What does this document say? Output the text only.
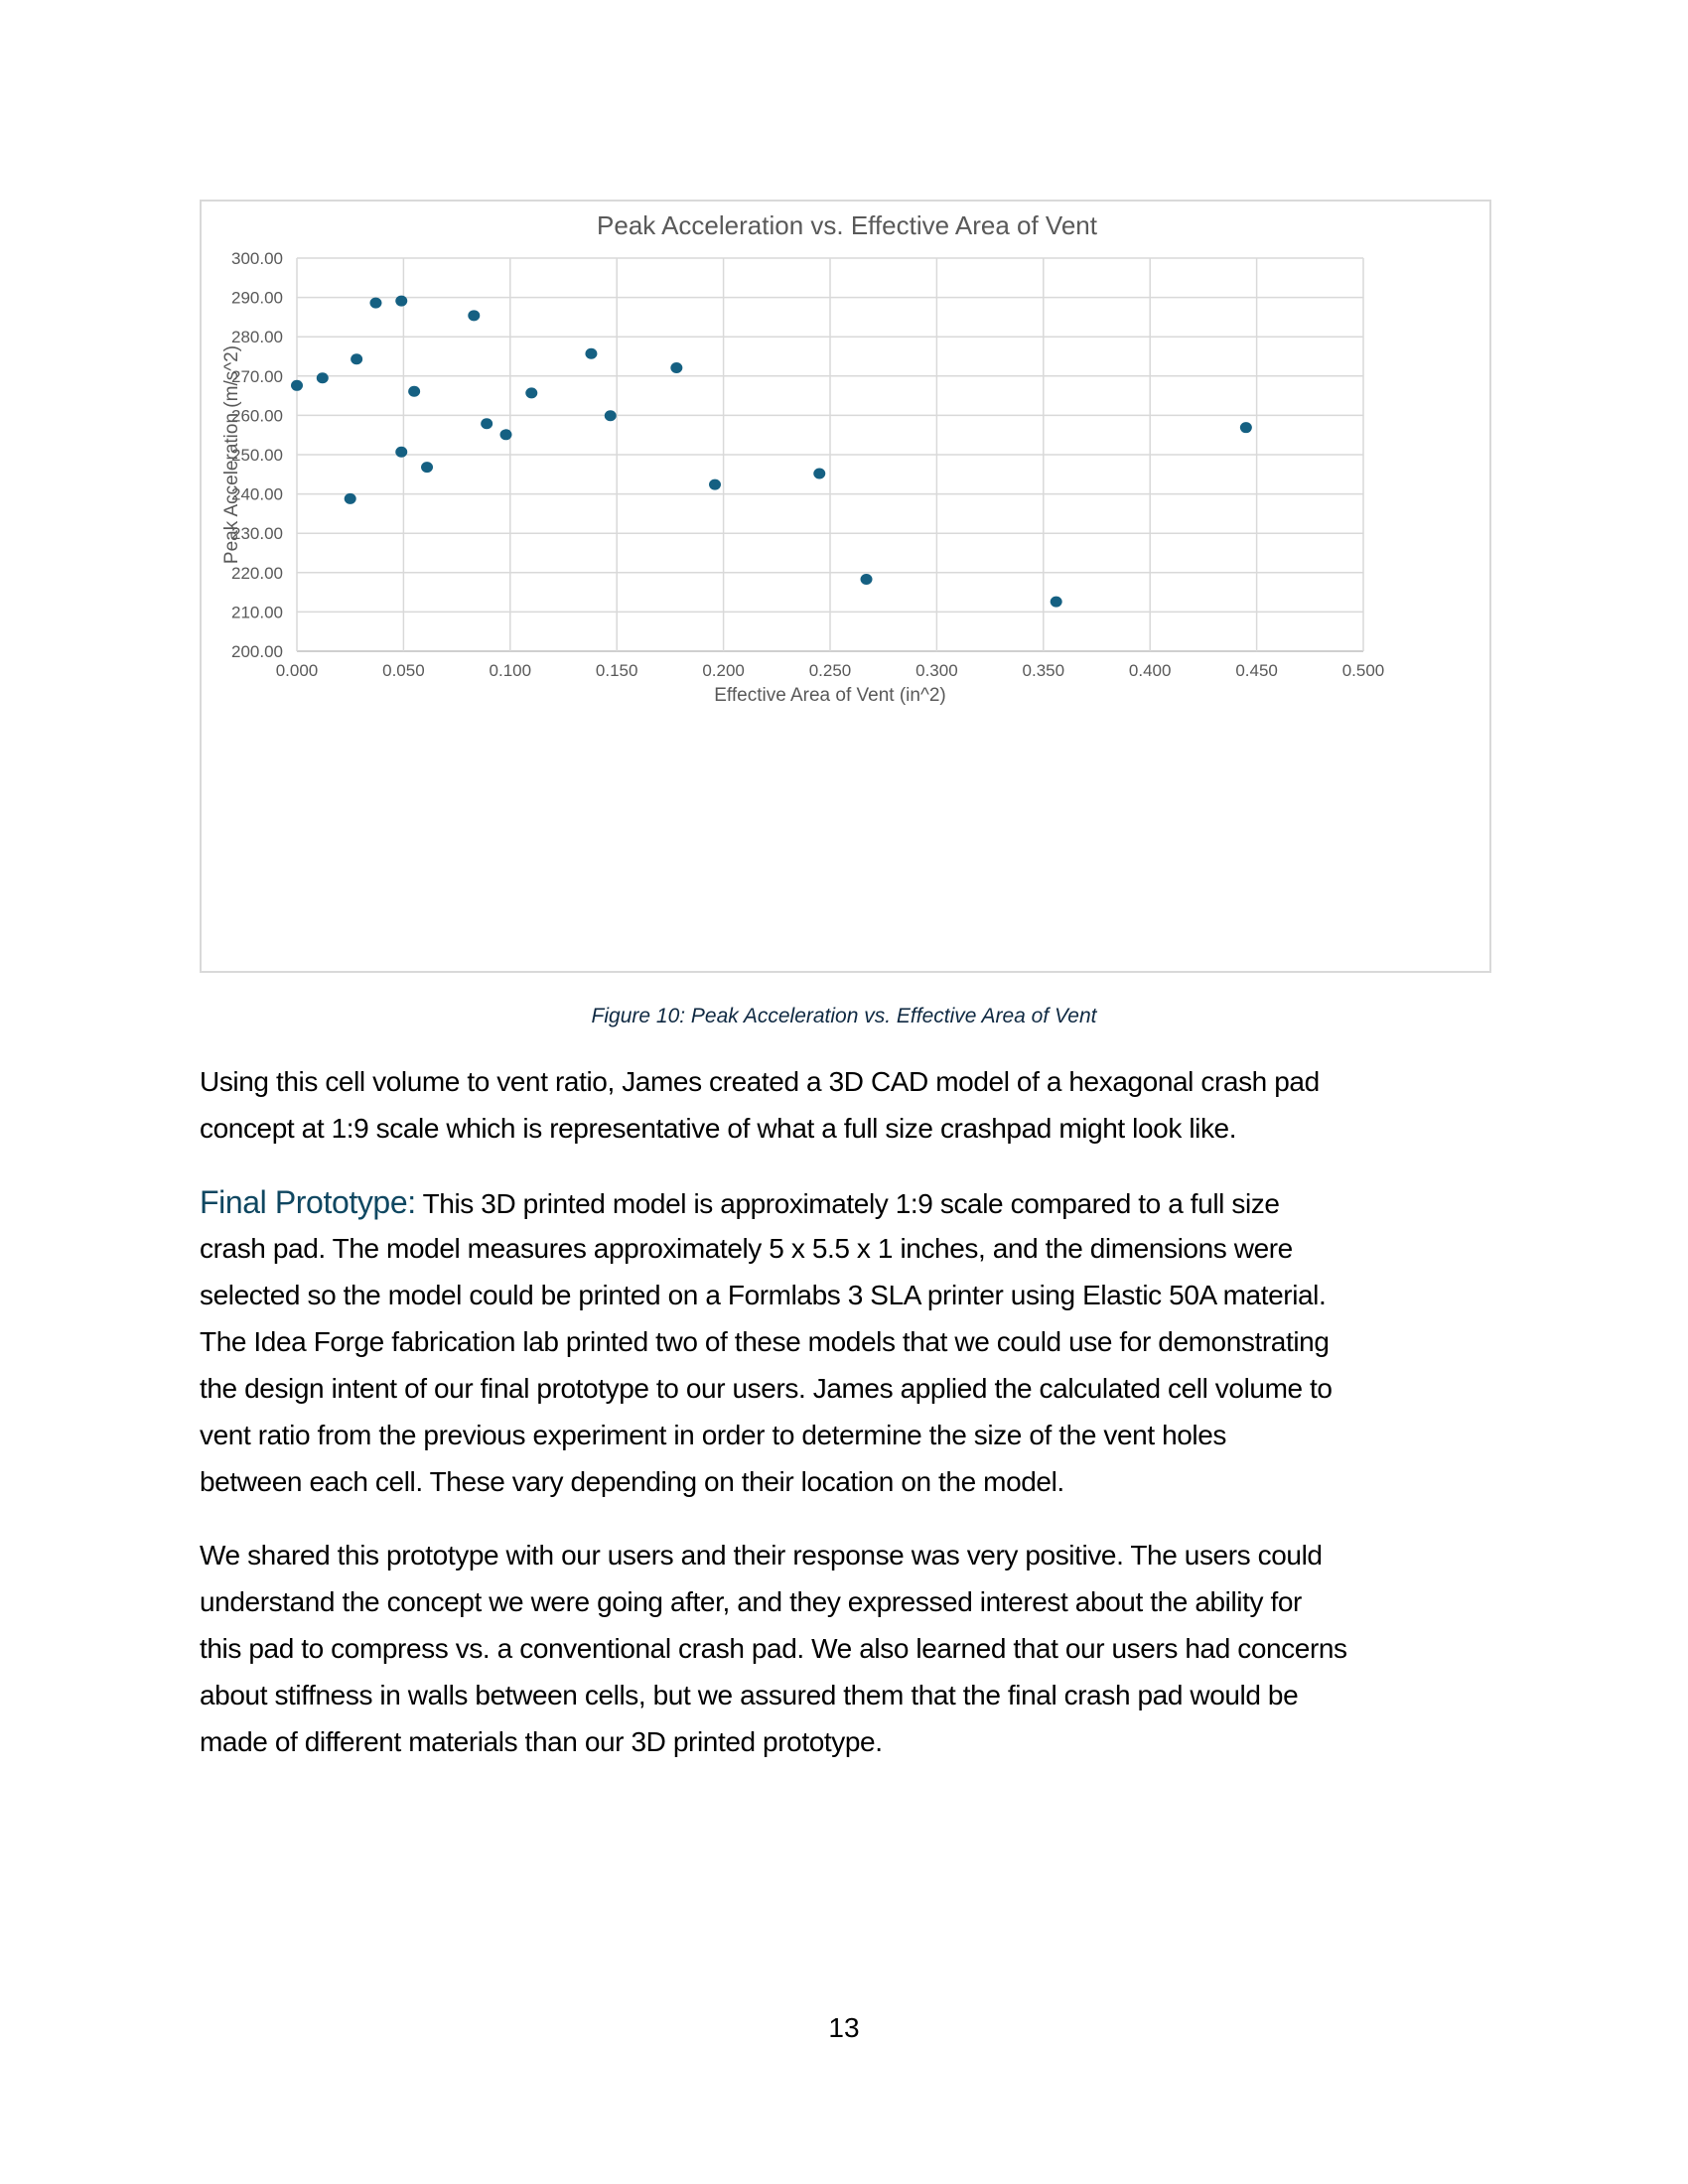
200.00
210.00
220.00
230.00
240.00
250.00
260.00
270.00
280.00
290.00
300.00
0.000	0.050	0.100	0.150	0.200	0.250	0.300	0.350	0.400	0.450	0.500
Peak Acceleration vs. Effective Area of Vent
Effective Area of Vent (in^2)
Peak Acceleration (m/s^2)
Figure 10: Peak Acceleration vs. Effective Area of Vent
Using this cell volume to vent ratio, James created a 3D CAD model of a hexagonal crash pad
concept at 1:9 scale which is representative of what a full size crashpad might look like.
Final Prototype: This 3D printed model is approximately 1:9 scale compared to a full size
crash pad. The model measures approximately 5 x 5.5 x 1 inches, and the dimensions were
selected so the model could be printed on a Formlabs 3 SLA printer using Elastic 50A material.
The Idea Forge fabrication lab printed two of these models that we could use for demonstrating
the design intent of our final prototype to our users. James applied the calculated cell volume to
vent ratio from the previous experiment in order to determine the size of the vent holes
between each cell. These vary depending on their location on the model.
We shared this prototype with our users and their response was very positive. The users could
understand the concept we were going after, and they expressed interest about the ability for
this pad to compress vs. a conventional crash pad. We also learned that our users had concerns
about stiffness in walls between cells, but we assured them that the final crash pad would be
made of different materials than our 3D printed prototype.
13
